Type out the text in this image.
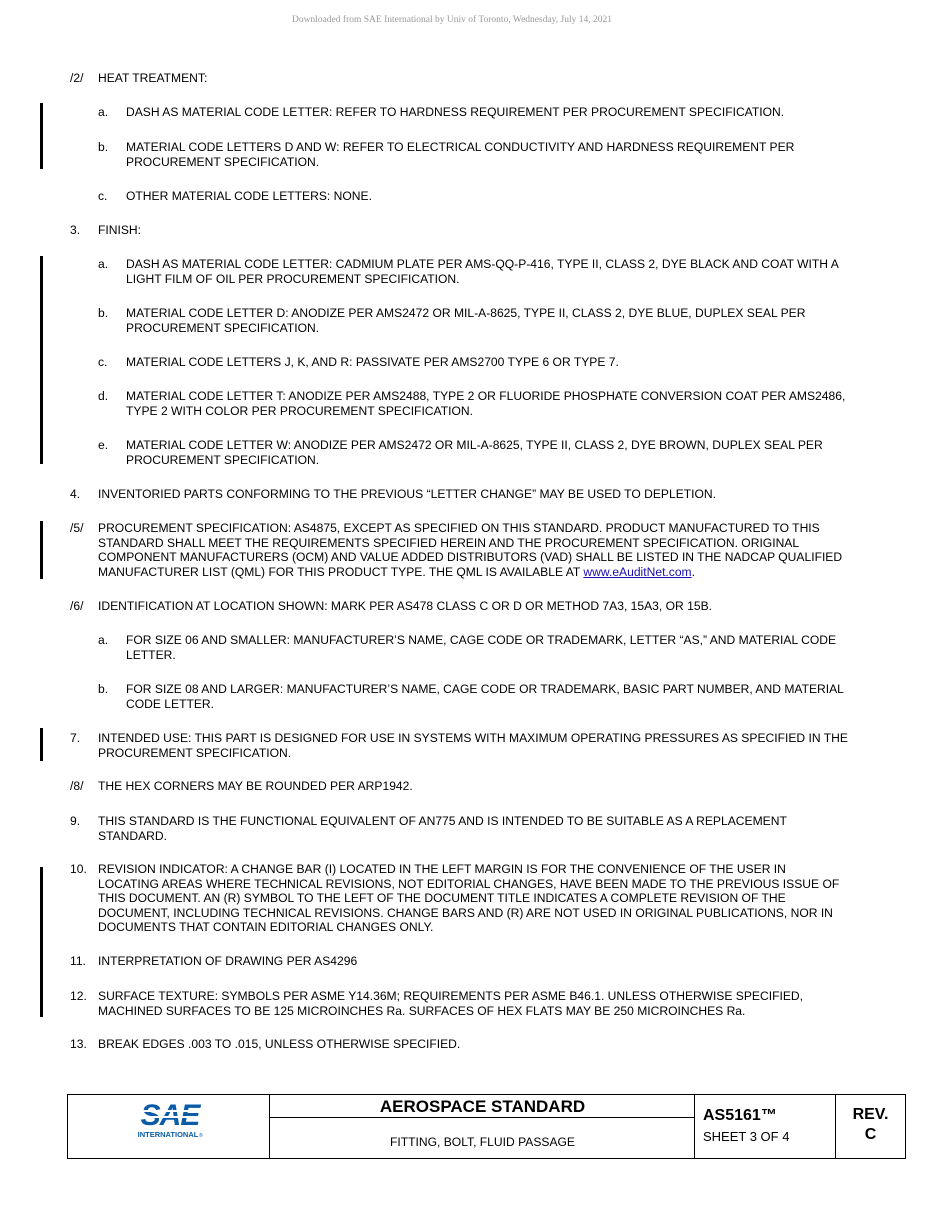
Downloaded from SAE International by Univ of Toronto, Wednesday, July 14, 2021
/2/ HEAT TREATMENT:
a. DASH AS MATERIAL CODE LETTER: REFER TO HARDNESS REQUIREMENT PER PROCUREMENT SPECIFICATION.
b. MATERIAL CODE LETTERS D AND W: REFER TO ELECTRICAL CONDUCTIVITY AND HARDNESS REQUIREMENT PER PROCUREMENT SPECIFICATION.
c. OTHER MATERIAL CODE LETTERS: NONE.
3. FINISH:
a. DASH AS MATERIAL CODE LETTER: CADMIUM PLATE PER AMS-QQ-P-416, TYPE II, CLASS 2, DYE BLACK AND COAT WITH A LIGHT FILM OF OIL PER PROCUREMENT SPECIFICATION.
b. MATERIAL CODE LETTER D: ANODIZE PER AMS2472 OR MIL-A-8625, TYPE II, CLASS 2, DYE BLUE, DUPLEX SEAL PER PROCUREMENT SPECIFICATION.
c. MATERIAL CODE LETTERS J, K, AND R: PASSIVATE PER AMS2700 TYPE 6 OR TYPE 7.
d. MATERIAL CODE LETTER T: ANODIZE PER AMS2488, TYPE 2 OR FLUORIDE PHOSPHATE CONVERSION COAT PER AMS2486, TYPE 2 WITH COLOR PER PROCUREMENT SPECIFICATION.
e. MATERIAL CODE LETTER W: ANODIZE PER AMS2472 OR MIL-A-8625, TYPE II, CLASS 2, DYE BROWN, DUPLEX SEAL PER PROCUREMENT SPECIFICATION.
4. INVENTORIED PARTS CONFORMING TO THE PREVIOUS “LETTER CHANGE” MAY BE USED TO DEPLETION.
/5/ PROCUREMENT SPECIFICATION: AS4875, EXCEPT AS SPECIFIED ON THIS STANDARD. PRODUCT MANUFACTURED TO THIS STANDARD SHALL MEET THE REQUIREMENTS SPECIFIED HEREIN AND THE PROCUREMENT SPECIFICATION. ORIGINAL COMPONENT MANUFACTURERS (OCM) AND VALUE ADDED DISTRIBUTORS (VAD) SHALL BE LISTED IN THE NADCAP QUALIFIED MANUFACTURER LIST (QML) FOR THIS PRODUCT TYPE. THE QML IS AVAILABLE AT www.eAuditNet.com.
/6/ IDENTIFICATION AT LOCATION SHOWN: MARK PER AS478 CLASS C OR D OR METHOD 7A3, 15A3, OR 15B.
a. FOR SIZE 06 AND SMALLER: MANUFACTURER’S NAME, CAGE CODE OR TRADEMARK, LETTER “AS,” AND MATERIAL CODE LETTER.
b. FOR SIZE 08 AND LARGER: MANUFACTURER’S NAME, CAGE CODE OR TRADEMARK, BASIC PART NUMBER, AND MATERIAL CODE LETTER.
7. INTENDED USE: THIS PART IS DESIGNED FOR USE IN SYSTEMS WITH MAXIMUM OPERATING PRESSURES AS SPECIFIED IN THE PROCUREMENT SPECIFICATION.
/8/ THE HEX CORNERS MAY BE ROUNDED PER ARP1942.
9. THIS STANDARD IS THE FUNCTIONAL EQUIVALENT OF AN775 AND IS INTENDED TO BE SUITABLE AS A REPLACEMENT STANDARD.
10. REVISION INDICATOR: A CHANGE BAR (I) LOCATED IN THE LEFT MARGIN IS FOR THE CONVENIENCE OF THE USER IN LOCATING AREAS WHERE TECHNICAL REVISIONS, NOT EDITORIAL CHANGES, HAVE BEEN MADE TO THE PREVIOUS ISSUE OF THIS DOCUMENT. AN (R) SYMBOL TO THE LEFT OF THE DOCUMENT TITLE INDICATES A COMPLETE REVISION OF THE DOCUMENT, INCLUDING TECHNICAL REVISIONS. CHANGE BARS AND (R) ARE NOT USED IN ORIGINAL PUBLICATIONS, NOR IN DOCUMENTS THAT CONTAIN EDITORIAL CHANGES ONLY.
11. INTERPRETATION OF DRAWING PER AS4296
12. SURFACE TEXTURE: SYMBOLS PER ASME Y14.36M; REQUIREMENTS PER ASME B46.1. UNLESS OTHERWISE SPECIFIED, MACHINED SURFACES TO BE 125 MICROINCHES Ra. SURFACES OF HEX FLATS MAY BE 250 MICROINCHES Ra.
13. BREAK EDGES .003 TO .015, UNLESS OTHERWISE SPECIFIED.
INTERNATIONAL ®
AEROSPACE STANDARD
FITTING, BOLT, FLUID PASSAGE
AS5161™
SHEET 3 OF 4
REV.
C
